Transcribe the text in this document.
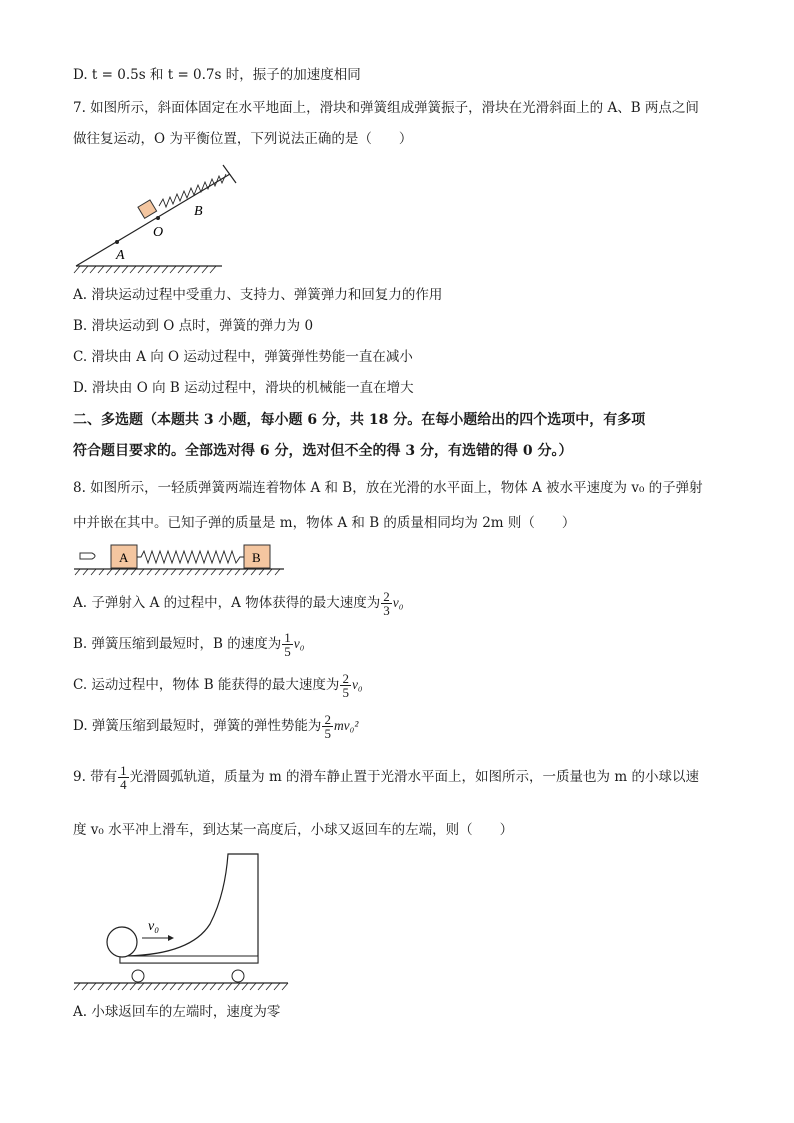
D. t = 0.5s 和 t = 0.7s 时，振子的加速度相同
7. 如图所示，斜面体固定在水平地面上，滑块和弹簧组成弹簧振子，滑块在光滑斜面上的 A、B 两点之间
做往复运动，O 为平衡位置，下列说法正确的是（　　）
A
O
B
A. 滑块运动过程中受重力、支持力、弹簧弹力和回复力的作用
B. 滑块运动到 O 点时，弹簧的弹力为 0
C. 滑块由 A 向 O 运动过程中，弹簧弹性势能一直在减小
D. 滑块由 O 向 B 运动过程中，滑块的机械能一直在增大
二、多选题（本题共 3 小题，每小题 6 分，共 18 分。在每小题给出的四个选项中，有多项
符合题目要求的。全部选对得 6 分，选对但不全的得 3 分，有选错的得 0 分。）
8. 如图所示，一轻质弹簧两端连着物体 A 和 B，放在光滑的水平面上，物体 A 被水平速度为 v₀ 的子弹射
中并嵌在其中。已知子弹的质量是 m，物体 A 和 B 的质量相同均为 2m 则（　　）
A	B
A. 子弹射入 A 的过程中，A 物体获得的最大速度为 $\frac{2}{3} v_0$
B. 弹簧压缩到最短时，B 的速度为 $\frac{1}{5} v_0$
C. 运动过程中，物体 B 能获得的最大速度为 $\frac{2}{5} v_0$
D. 弹簧压缩到最短时，弹簧的弹性势能为 $\frac{2}{5} mv_0^2$
9. 带有 $\frac{1}{4}$ 光滑圆弧轨道，质量为 m 的滑车静止置于光滑水平面上，如图所示，一质量也为 m 的小球以速
度 v₀ 水平冲上滑车，到达某一高度后，小球又返回车的左端，则（　　）
v₀
A. 小球返回车的左端时，速度为零
